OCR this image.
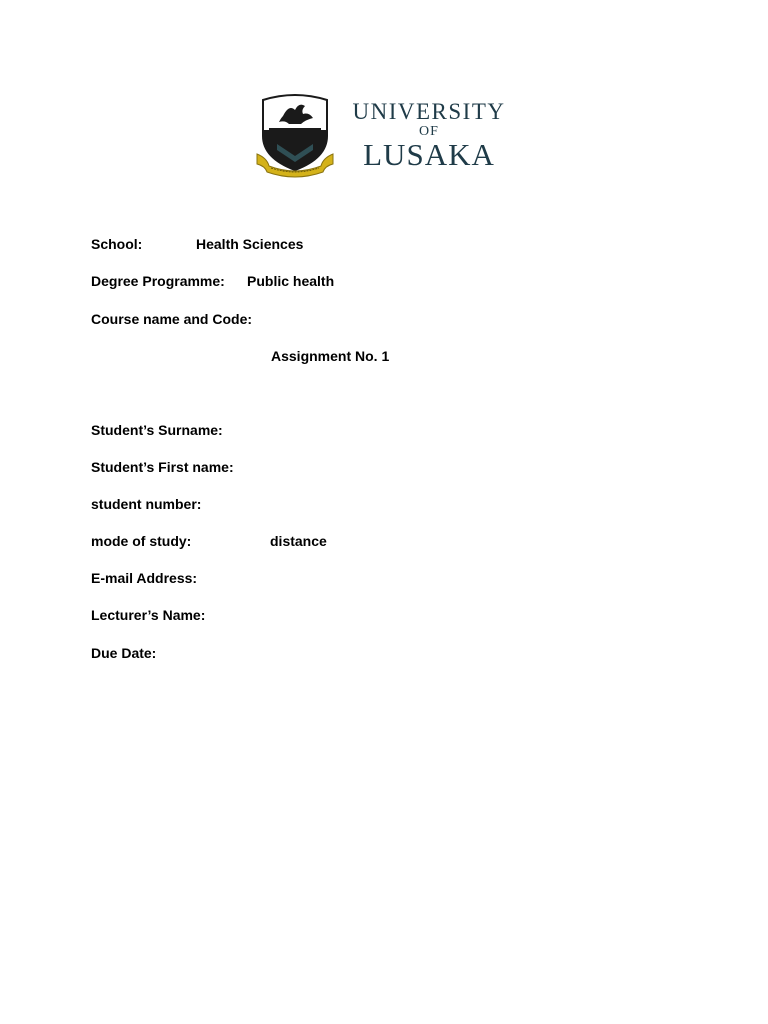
UNIVERSITY
OF
LUSAKA
School:	Health Sciences
Degree Programme: Public health
Course name and Code:
Assignment No. 1
Student’s Surname:
Student’s First name:
student number:
mode of study:	distance
E-mail Address:
Lecturer’s Name:
Due Date:
